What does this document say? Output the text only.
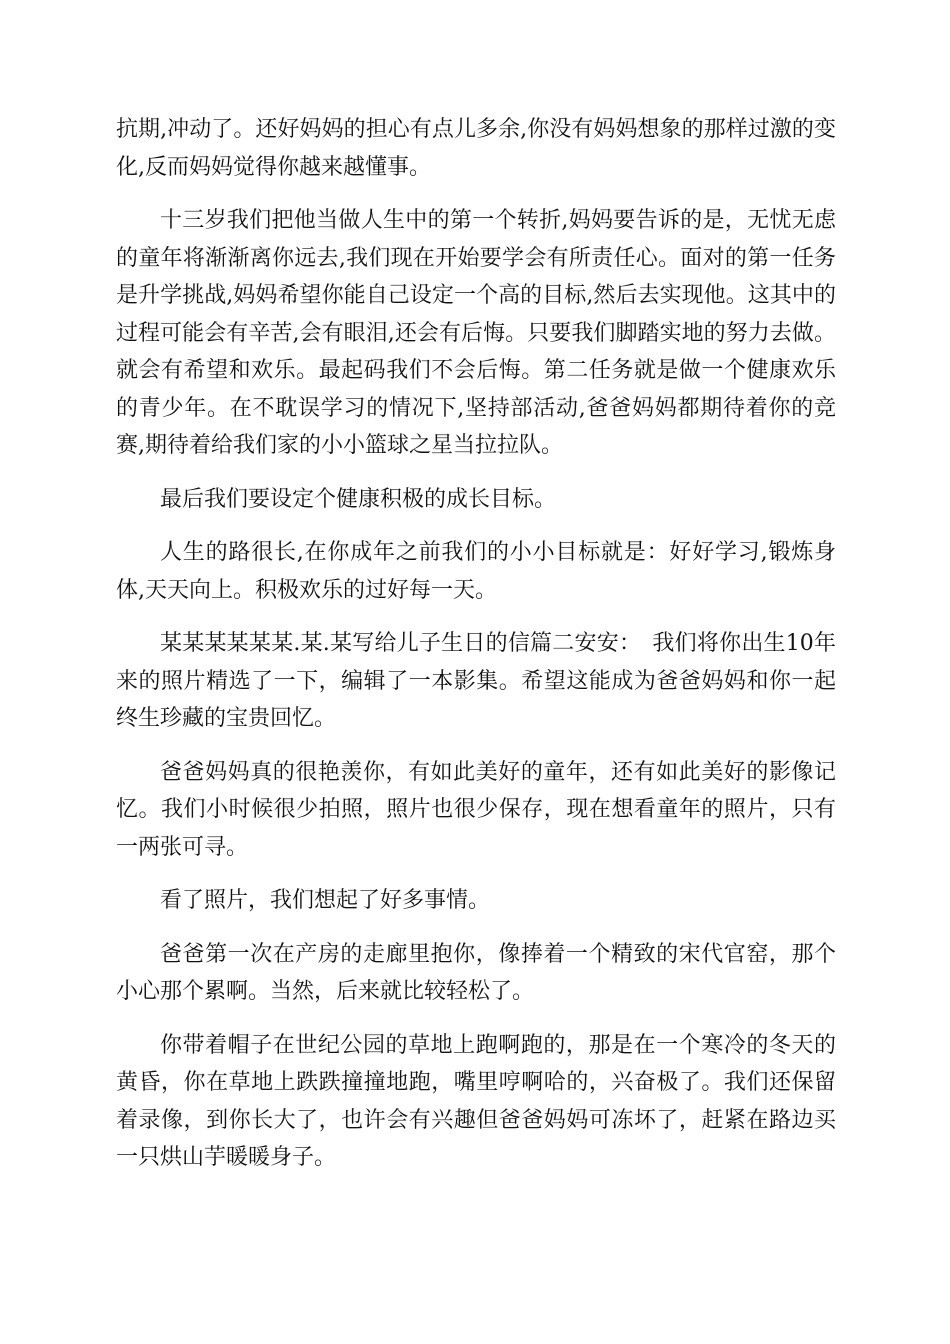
抗期,冲动了。还好妈妈的担心有点儿多余,你没有妈妈想象的那样过激的变化,反而妈妈觉得你越来越懂事。

十三岁我们把他当做人生中的第一个转折,妈妈要告诉的是，无忧无虑的童年将渐渐离你远去,我们现在开始要学会有所责任心。面对的第一任务是升学挑战,妈妈希望你能自己设定一个高的目标,然后去实现他。这其中的过程可能会有辛苦,会有眼泪,还会有后悔。只要我们脚踏实地的努力去做。就会有希望和欢乐。最起码我们不会后悔。第二任务就是做一个健康欢乐的青少年。在不耽误学习的情况下,坚持部活动,爸爸妈妈都期待着你的竞赛,期待着给我们家的小小篮球之星当拉拉队。

最后我们要设定个健康积极的成长目标。

人生的路很长,在你成年之前我们的小小目标就是：好好学习,锻炼身体,天天向上。积极欢乐的过好每一天。

某某某某某某.某.某写给儿子生日的信篇二安安：　我们将你出生10年来的照片精选了一下，编辑了一本影集。希望这能成为爸爸妈妈和你一起终生珍藏的宝贵回忆。

爸爸妈妈真的很艳羡你，有如此美好的童年，还有如此美好的影像记忆。我们小时候很少拍照，照片也很少保存，现在想看童年的照片，只有一两张可寻。

看了照片，我们想起了好多事情。

爸爸第一次在产房的走廊里抱你，像捧着一个精致的宋代官窑，那个小心那个累啊。当然，后来就比较轻松了。

你带着帽子在世纪公园的草地上跑啊跑的，那是在一个寒冷的冬天的黄昏，你在草地上跌跌撞撞地跑，嘴里哼啊哈的，兴奋极了。我们还保留着录像，到你长大了，也许会有兴趣但爸爸妈妈可冻坏了，赶紧在路边买一只烘山芋暖暖身子。
